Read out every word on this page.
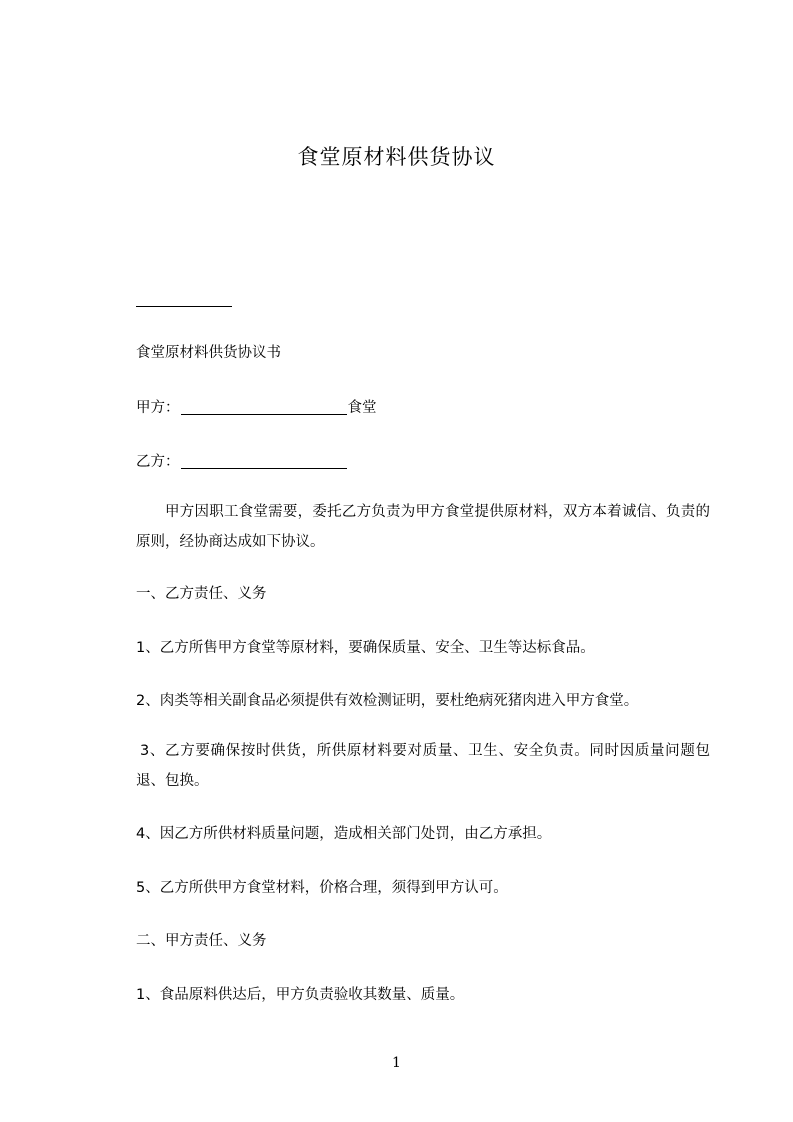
食堂原材料供货协议
食堂原材料供货协议书
甲方：	食堂
乙方：
甲方因职工食堂需要，委托乙方负责为甲方食堂提供原材料，双方本着诚信、负责的原则，经协商达成如下协议。
一、乙方责任、义务
1、乙方所售甲方食堂等原材料，要确保质量、安全、卫生等达标食品。
2、肉类等相关副食品必须提供有效检测证明，要杜绝病死猪肉进入甲方食堂。
3、乙方要确保按时供货，所供原材料要对质量、卫生、安全负责。同时因质量问题包退、包换。
4、因乙方所供材料质量问题，造成相关部门处罚，由乙方承担。
5、乙方所供甲方食堂材料，价格合理，须得到甲方认可。
二、甲方责任、义务
1、食品原料供达后，甲方负责验收其数量、质量。
1
